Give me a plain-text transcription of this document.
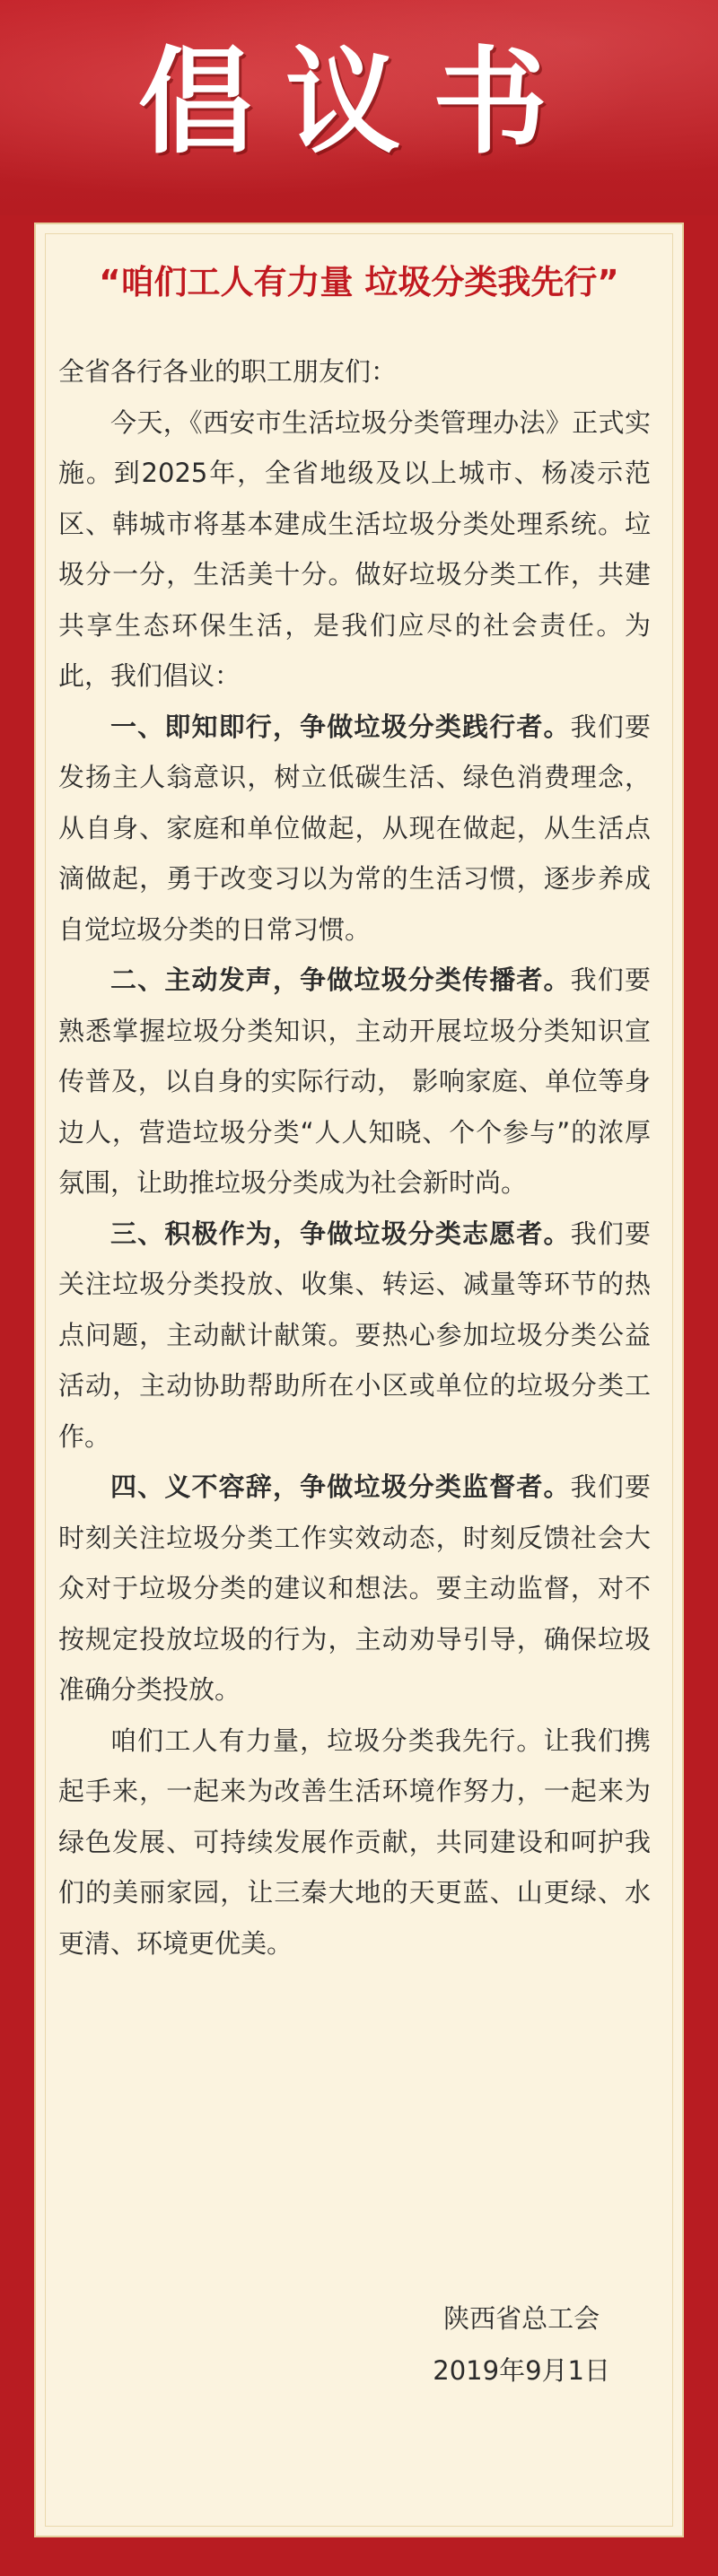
倡议书
“咱们工人有力量 垃圾分类我先行”

全省各行各业的职工朋友们：

今天，《西安市生活垃圾分类管理办法》正式实施。到2025年，全省地级及以上城市、杨凌示范区、韩城市将基本建成生活垃圾分类处理系统。垃圾分一分，生活美十分。做好垃圾分类工作，共建共享生态环保生活，是我们应尽的社会责任。为此，我们倡议：

一、即知即行，争做垃圾分类践行者。我们要发扬主人翁意识，树立低碳生活、绿色消费理念，从自身、家庭和单位做起，从现在做起，从生活点滴做起，勇于改变习以为常的生活习惯，逐步养成自觉垃圾分类的日常习惯。

二、主动发声，争做垃圾分类传播者。我们要熟悉掌握垃圾分类知识，主动开展垃圾分类知识宣传普及，以自身的实际行动， 影响家庭、单位等身边人，营造垃圾分类“人人知晓、个个参与”的浓厚氛围，让助推垃圾分类成为社会新时尚。

三、积极作为，争做垃圾分类志愿者。我们要关注垃圾分类投放、收集、转运、减量等环节的热点问题，主动献计献策。要热心参加垃圾分类公益活动，主动协助帮助所在小区或单位的垃圾分类工作。

四、义不容辞，争做垃圾分类监督者。我们要时刻关注垃圾分类工作实效动态，时刻反馈社会大众对于垃圾分类的建议和想法。要主动监督，对不按规定投放垃圾的行为，主动劝导引导，确保垃圾准确分类投放。

咱们工人有力量，垃圾分类我先行。让我们携起手来，一起来为改善生活环境作努力，一起来为绿色发展、可持续发展作贡献，共同建设和呵护我们的美丽家园，让三秦大地的天更蓝、山更绿、水更清、环境更优美。

陕西省总工会
2019年9月1日
